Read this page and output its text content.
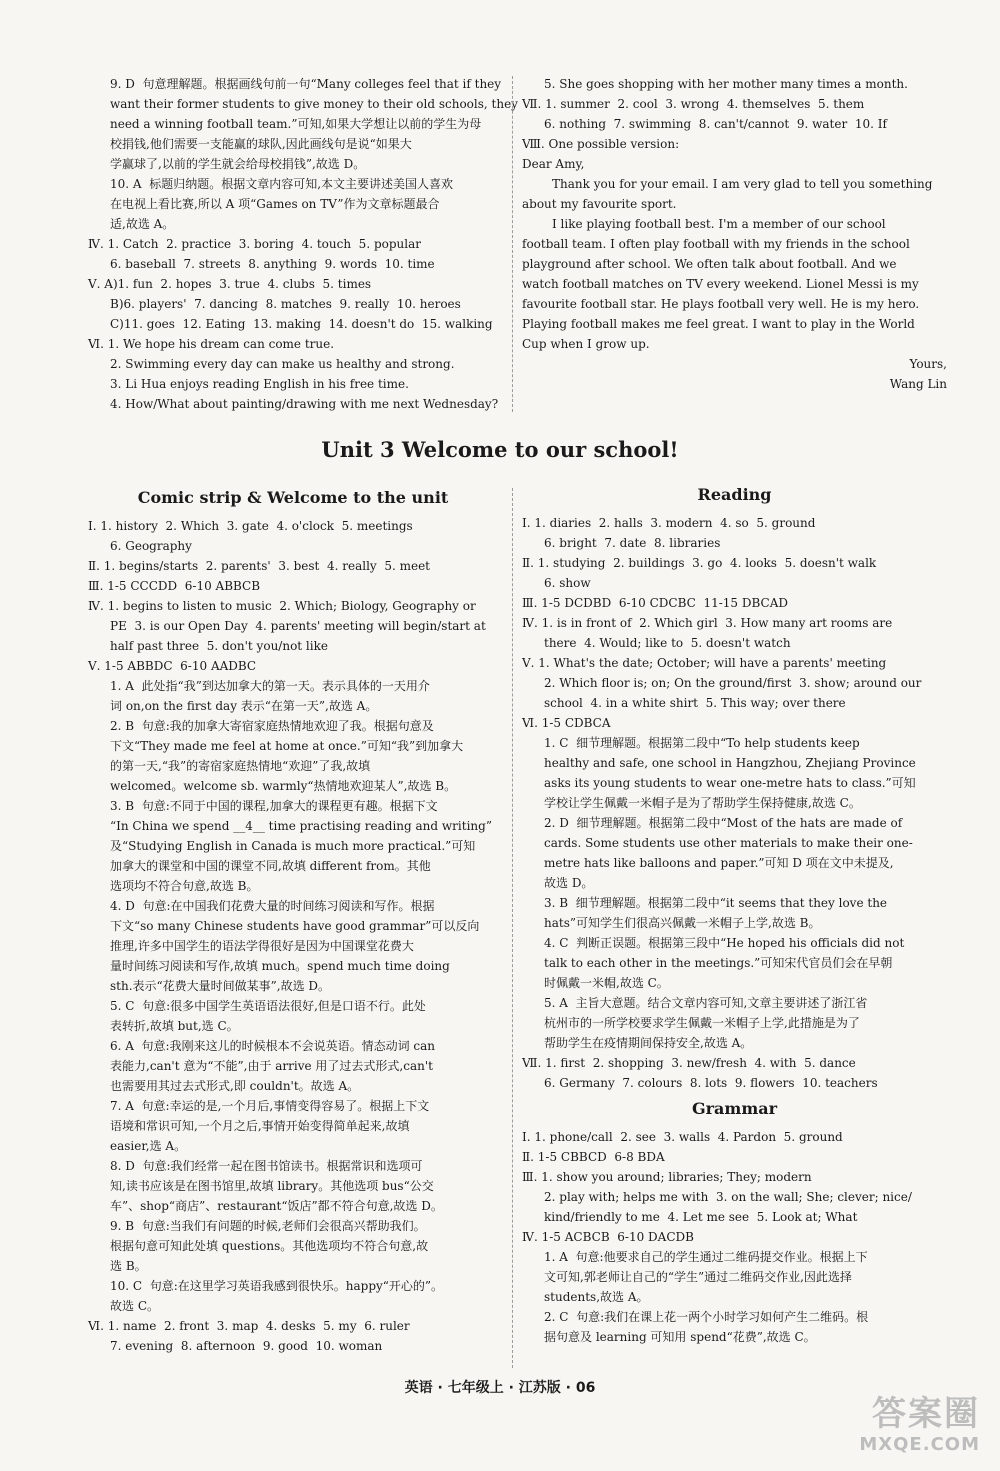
9. D  句意理解题。根据画线句前一句“Many colleges feel that if they
want their former students to give money to their old schools, they
need a winning football team.”可知,如果大学想让以前的学生为母
校捐钱,他们需要一支能赢的球队,因此画线句是说“如果大
学赢球了,以前的学生就会给母校捐钱”,故选 D。
10. A  标题归纳题。根据文章内容可知,本文主要讲述美国人喜欢
在电视上看比赛,所以 A 项“Games on TV”作为文章标题最合
适,故选 A。
Ⅳ. 1. Catch  2. practice  3. boring  4. touch  5. popular
6. baseball  7. streets  8. anything  9. words  10. time
Ⅴ. A)1. fun  2. hopes  3. true  4. clubs  5. times
B)6. players'  7. dancing  8. matches  9. really  10. heroes
C)11. goes  12. Eating  13. making  14. doesn't do  15. walking
Ⅵ. 1. We hope his dream can come true.
2. Swimming every day can make us healthy and strong.
3. Li Hua enjoys reading English in his free time.
4. How/What about painting/drawing with me next Wednesday?
5. She goes shopping with her mother many times a month.
Ⅶ. 1. summer  2. cool  3. wrong  4. themselves  5. them
6. nothing  7. swimming  8. can't/cannot  9. water  10. If
Ⅷ. One possible version:
Dear Amy,
Thank you for your email. I am very glad to tell you something
about my favourite sport.
I like playing football best. I'm a member of our school
football team. I often play football with my friends in the school
playground after school. We often talk about football. And we
watch football matches on TV every weekend. Lionel Messi is my
favourite football star. He plays football very well. He is my hero.
Playing football makes me feel great. I want to play in the World
Cup when I grow up.
Yours,
Wang Lin
Unit 3 Welcome to our school!
Comic strip & Welcome to the unit
Ⅰ. 1. history  2. Which  3. gate  4. o'clock  5. meetings
6. Geography
Ⅱ. 1. begins/starts  2. parents'  3. best  4. really  5. meet
Ⅲ. 1-5 CCCDD  6-10 ABBCB
Ⅳ. 1. begins to listen to music  2. Which; Biology, Geography or
PE  3. is our Open Day  4. parents' meeting will begin/start at
half past three  5. don't you/not like
Ⅴ. 1-5 ABBDC  6-10 AADBC
1. A  此处指“我”到达加拿大的第一天。表示具体的一天用介
词 on,on the first day 表示“在第一天”,故选 A。
2. B  句意:我的加拿大寄宿家庭热情地欢迎了我。根据句意及
下文“They made me feel at home at once.”可知“我”到加拿大
的第一天,“我”的寄宿家庭热情地“欢迎”了我,故填
welcomed。welcome sb. warmly“热情地欢迎某人”,故选 B。
3. B  句意:不同于中国的课程,加拿大的课程更有趣。根据下文
“In China we spend __4__ time practising reading and writing”
及“Studying English in Canada is much more practical.”可知
加拿大的课堂和中国的课堂不同,故填 different from。其他
选项均不符合句意,故选 B。
4. D  句意:在中国我们花费大量的时间练习阅读和写作。根据
下文“so many Chinese students have good grammar”可以反向
推理,许多中国学生的语法学得很好是因为中国课堂花费大
量时间练习阅读和写作,故填 much。spend much time doing
sth.表示“花费大量时间做某事”,故选 D。
5. C  句意:很多中国学生英语语法很好,但是口语不行。此处
表转折,故填 but,选 C。
6. A  句意:我刚来这儿的时候根本不会说英语。情态动词 can
表能力,can't 意为“不能”,由于 arrive 用了过去式形式,can't
也需要用其过去式形式,即 couldn't。故选 A。
7. A  句意:幸运的是,一个月后,事情变得容易了。根据上下文
语境和常识可知,一个月之后,事情开始变得简单起来,故填
easier,选 A。
8. D  句意:我们经常一起在图书馆读书。根据常识和选项可
知,读书应该是在图书馆里,故填 library。其他选项 bus“公交
车”、shop“商店”、restaurant“饭店”都不符合句意,故选 D。
9. B  句意:当我们有问题的时候,老师们会很高兴帮助我们。
根据句意可知此处填 questions。其他选项均不符合句意,故
选 B。
10. C  句意:在这里学习英语我感到很快乐。happy“开心的”。
故选 C。
Ⅵ. 1. name  2. front  3. map  4. desks  5. my  6. ruler
7. evening  8. afternoon  9. good  10. woman
Reading
Ⅰ. 1. diaries  2. halls  3. modern  4. so  5. ground
6. bright  7. date  8. libraries
Ⅱ. 1. studying  2. buildings  3. go  4. looks  5. doesn't walk
6. show
Ⅲ. 1-5 DCDBD  6-10 CDCBC  11-15 DBCAD
Ⅳ. 1. is in front of  2. Which girl  3. How many art rooms are
there  4. Would; like to  5. doesn't watch
Ⅴ. 1. What's the date; October; will have a parents' meeting
2. Which floor is; on; On the ground/first  3. show; around our
school  4. in a white shirt  5. This way; over there
Ⅵ. 1-5 CDBCA
1. C  细节理解题。根据第二段中“To help students keep
healthy and safe, one school in Hangzhou, Zhejiang Province
asks its young students to wear one-metre hats to class.”可知
学校让学生佩戴一米帽子是为了帮助学生保持健康,故选 C。
2. D  细节理解题。根据第二段中“Most of the hats are made of
cards. Some students use other materials to make their one-
metre hats like balloons and paper.”可知 D 项在文中未提及,
故选 D。
3. B  细节理解题。根据第二段中“it seems that they love the
hats”可知学生们很高兴佩戴一米帽子上学,故选 B。
4. C  判断正误题。根据第三段中“He hoped his officials did not
talk to each other in the meetings.”可知宋代官员们会在早朝
时佩戴一米帽,故选 C。
5. A  主旨大意题。结合文章内容可知,文章主要讲述了浙江省
杭州市的一所学校要求学生佩戴一米帽子上学,此措施是为了
帮助学生在疫情期间保持安全,故选 A。
Ⅶ. 1. first  2. shopping  3. new/fresh  4. with  5. dance
6. Germany  7. colours  8. lots  9. flowers  10. teachers
Grammar
Ⅰ. 1. phone/call  2. see  3. walls  4. Pardon  5. ground
Ⅱ. 1-5 CBBCD  6-8 BDA
Ⅲ. 1. show you around; libraries; They; modern
2. play with; helps me with  3. on the wall; She; clever; nice/
kind/friendly to me  4. Let me see  5. Look at; What
Ⅳ. 1-5 ACBCB  6-10 DACDB
1. A  句意:他要求自己的学生通过二维码提交作业。根据上下
文可知,郭老师让自己的“学生”通过二维码交作业,因此选择
students,故选 A。
2. C  句意:我们在课上花一两个小时学习如何产生二维码。根
据句意及 learning 可知用 spend“花费”,故选 C。
英语 · 七年级上 · 江苏版 · 06
答案圈
MXQE.COM
